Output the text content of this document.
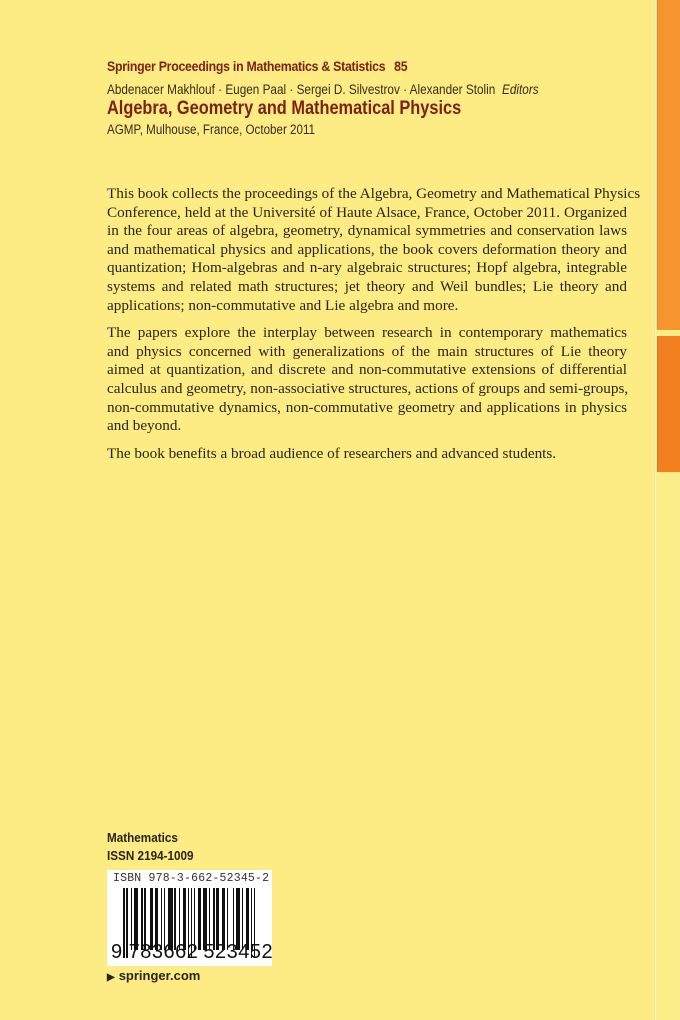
Springer Proceedings in Mathematics & Statistics 85
Abdenacer Makhlouf · Eugen Paal · Sergei D. Silvestrov · Alexander Stolin Editors
Algebra, Geometry and Mathematical Physics
AGMP, Mulhouse, France, October 2011

This book collects the proceedings of the Algebra, Geometry and Mathematical Physics
Conference, held at the Université of Haute Alsace, France, October 2011. Organized
in the four areas of algebra, geometry, dynamical symmetries and conservation laws
and mathematical physics and applications, the book covers deformation theory and
quantization; Hom-algebras and n-ary algebraic structures; Hopf algebra, integrable
systems and related math structures; jet theory and Weil bundles; Lie theory and
applications; non-commutative and Lie algebra and more.

The papers explore the interplay between research in contemporary mathematics
and physics concerned with generalizations of the main structures of Lie theory
aimed at quantization, and discrete and non-commutative extensions of differential
calculus and geometry, non-associative structures, actions of groups and semi-groups,
non-commutative dynamics, non-commutative geometry and applications in physics
and beyond.

The book benefits a broad audience of researchers and advanced students.

Mathematics
ISSN 2194-1009
ISBN 978-3-662-52345-2
9 783662 523452
▶ springer.com
